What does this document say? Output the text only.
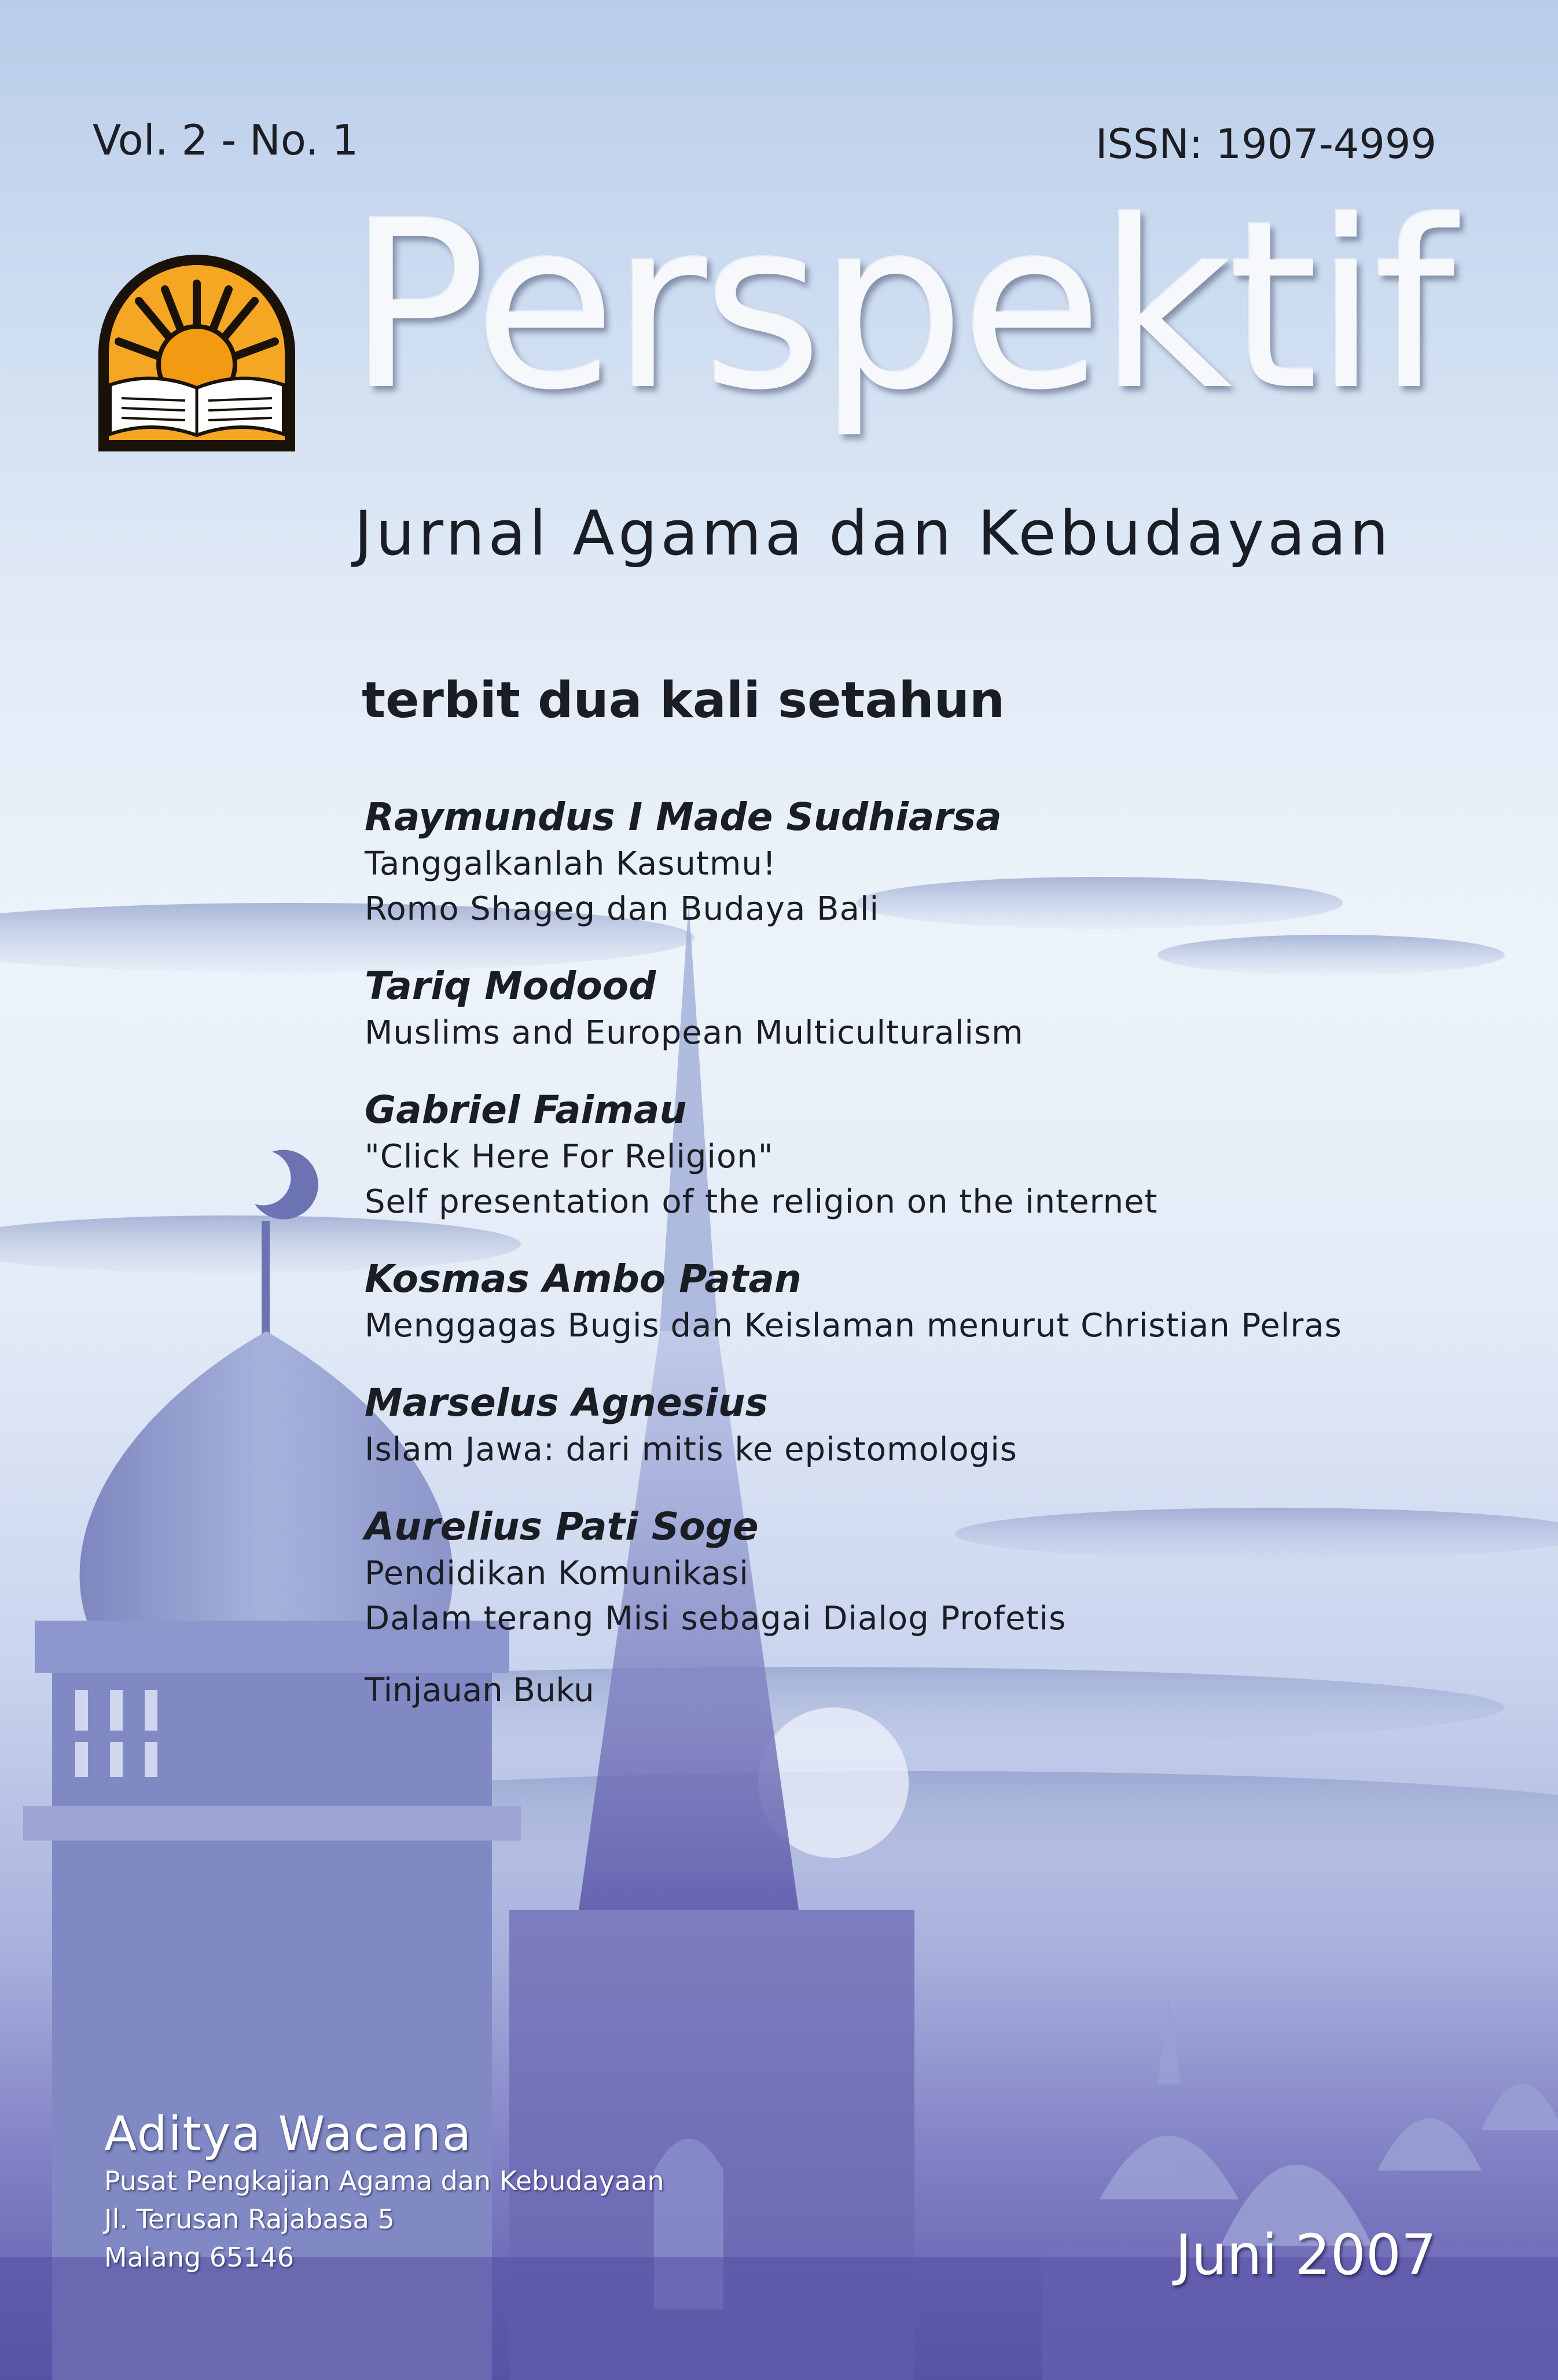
Vol. 2 - No. 1	ISSN: 1907-4999
Perspektif
Jurnal Agama dan Kebudayaan
terbit dua kali setahun
Raymundus I Made Sudhiarsa
Tanggalkanlah Kasutmu!
Romo Shageg dan Budaya Bali
Tariq Modood
Muslims and European Multiculturalism
Gabriel Faimau
"Click Here For Religion"
Self presentation of the religion on the internet
Kosmas Ambo Patan
Menggagas Bugis dan Keislaman menurut Christian Pelras
Marselus Agnesius
Islam Jawa: dari mitis ke epistomologis
Aurelius Pati Soge
Pendidikan Komunikasi
Dalam terang Misi sebagai Dialog Profetis
Tinjauan Buku
Aditya Wacana
Pusat Pengkajian Agama dan Kebudayaan
Jl. Terusan Rajabasa 5
Malang 65146	Juni 2007
